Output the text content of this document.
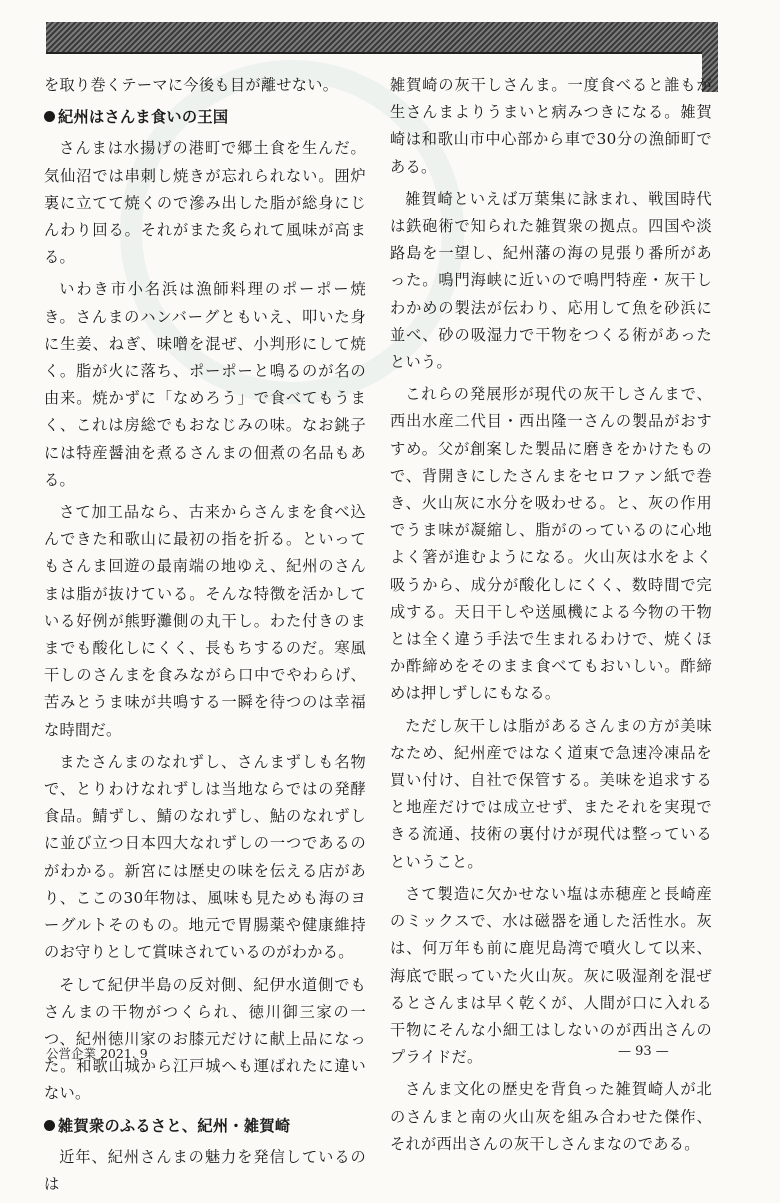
を取り巻くテーマに今後も目が離せない。

紀州はさんま食いの王国

さんまは水揚げの港町で郷土食を生んだ。気仙沼では串刺し焼きが忘れられない。囲炉裏に立てて焼くので滲み出した脂が総身にじんわり回る。それがまた炙られて風味が高まる。

いわき市小名浜は漁師料理のポーポー焼き。さんまのハンバーグともいえ、叩いた身に生姜、ねぎ、味噌を混ぜ、小判形にして焼く。脂が火に落ち、ポーポーと鳴るのが名の由来。焼かずに「なめろう」で食べてもうまく、これは房総でもおなじみの味。なお銚子には特産醤油を煮るさんまの佃煮の名品もある。

さて加工品なら、古来からさんまを食べ込んできた和歌山に最初の指を折る。といってもさんま回遊の最南端の地ゆえ、紀州のさんまは脂が抜けている。そんな特徴を活かしている好例が熊野灘側の丸干し。わた付きのままでも酸化しにくく、長もちするのだ。寒風干しのさんまを食みながら口中でやわらげ、苦みとうま味が共鳴する一瞬を待つのは幸福な時間だ。

またさんまのなれずし、さんまずしも名物で、とりわけなれずしは当地ならではの発酵食品。鯖ずし、鯖のなれずし、鮎のなれずしに並び立つ日本四大なれずしの一つであるのがわかる。新宮には歴史の味を伝える店があり、ここの30年物は、風味も見ためも海のヨーグルトそのもの。地元で胃腸薬や健康維持のお守りとして賞味されているのがわかる。

そして紀伊半島の反対側、紀伊水道側でもさんまの干物がつくられ、徳川御三家の一つ、紀州徳川家のお膝元だけに献上品になった。和歌山城から江戸城へも運ばれたに違いない。

雑賀衆のふるさと、紀州・雑賀崎

近年、紀州さんまの魅力を発信しているのは

雑賀崎の灰干しさんま。一度食べると誰もが生さんまよりうまいと病みつきになる。雑賀崎は和歌山市中心部から車で30分の漁師町である。

雑賀崎といえば万葉集に詠まれ、戦国時代は鉄砲術で知られた雑賀衆の拠点。四国や淡路島を一望し、紀州藩の海の見張り番所があった。鳴門海峡に近いので鳴門特産・灰干しわかめの製法が伝わり、応用して魚を砂浜に並べ、砂の吸湿力で干物をつくる術があったという。

これらの発展形が現代の灰干しさんまで、西出水産二代目・西出隆一さんの製品がおすすめ。父が創案した製品に磨きをかけたもので、背開きにしたさんまをセロファン紙で巻き、火山灰に水分を吸わせる。と、灰の作用でうま味が凝縮し、脂がのっているのに心地よく箸が進むようになる。火山灰は水をよく吸うから、成分が酸化しにくく、数時間で完成する。天日干しや送風機による今物の干物とは全く違う手法で生まれるわけで、焼くほか酢締めをそのまま食べてもおいしい。酢締めは押しずしにもなる。

ただし灰干しは脂があるさんまの方が美味なため、紀州産ではなく道東で急速冷凍品を買い付け、自社で保管する。美味を追求すると地産だけでは成立せず、またそれを実現できる流通、技術の裏付けが現代は整っているということ。

さて製造に欠かせない塩は赤穂産と長崎産のミックスで、水は磁器を通した活性水。灰は、何万年も前に鹿児島湾で噴火して以来、海底で眠っていた火山灰。灰に吸湿剤を混ぜるとさんまは早く乾くが、人間が口に入れる干物にそんな小細工はしないのが西出さんのプライドだ。

さんま文化の歴史を背負った雑賀崎人が北のさんまと南の火山灰を組み合わせた傑作、それが西出さんの灰干しさんまなのである。

公営企業 2021. 9	— 93 —
